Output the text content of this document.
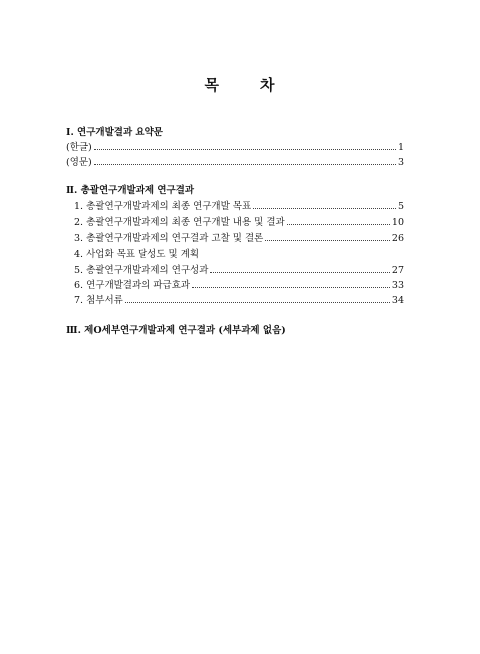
목	차
Ⅰ. 연구개발결과 요약문
(한글)	1
(영문)	3
Ⅱ. 총괄연구개발과제 연구결과
1. 총괄연구개발과제의 최종 연구개발 목표	5
2. 총괄연구개발과제의 최종 연구개발 내용 및 결과	10
3. 총괄연구개발과제의 연구결과 고찰 및 결론	26
4. 사업화 목표 달성도 및 계획
5. 총괄연구개발과제의 연구성과	27
6. 연구개발결과의 파급효과	33
7. 첨부서류	34
Ⅲ. 제O세부연구개발과제 연구결과 (세부과제 없음)
